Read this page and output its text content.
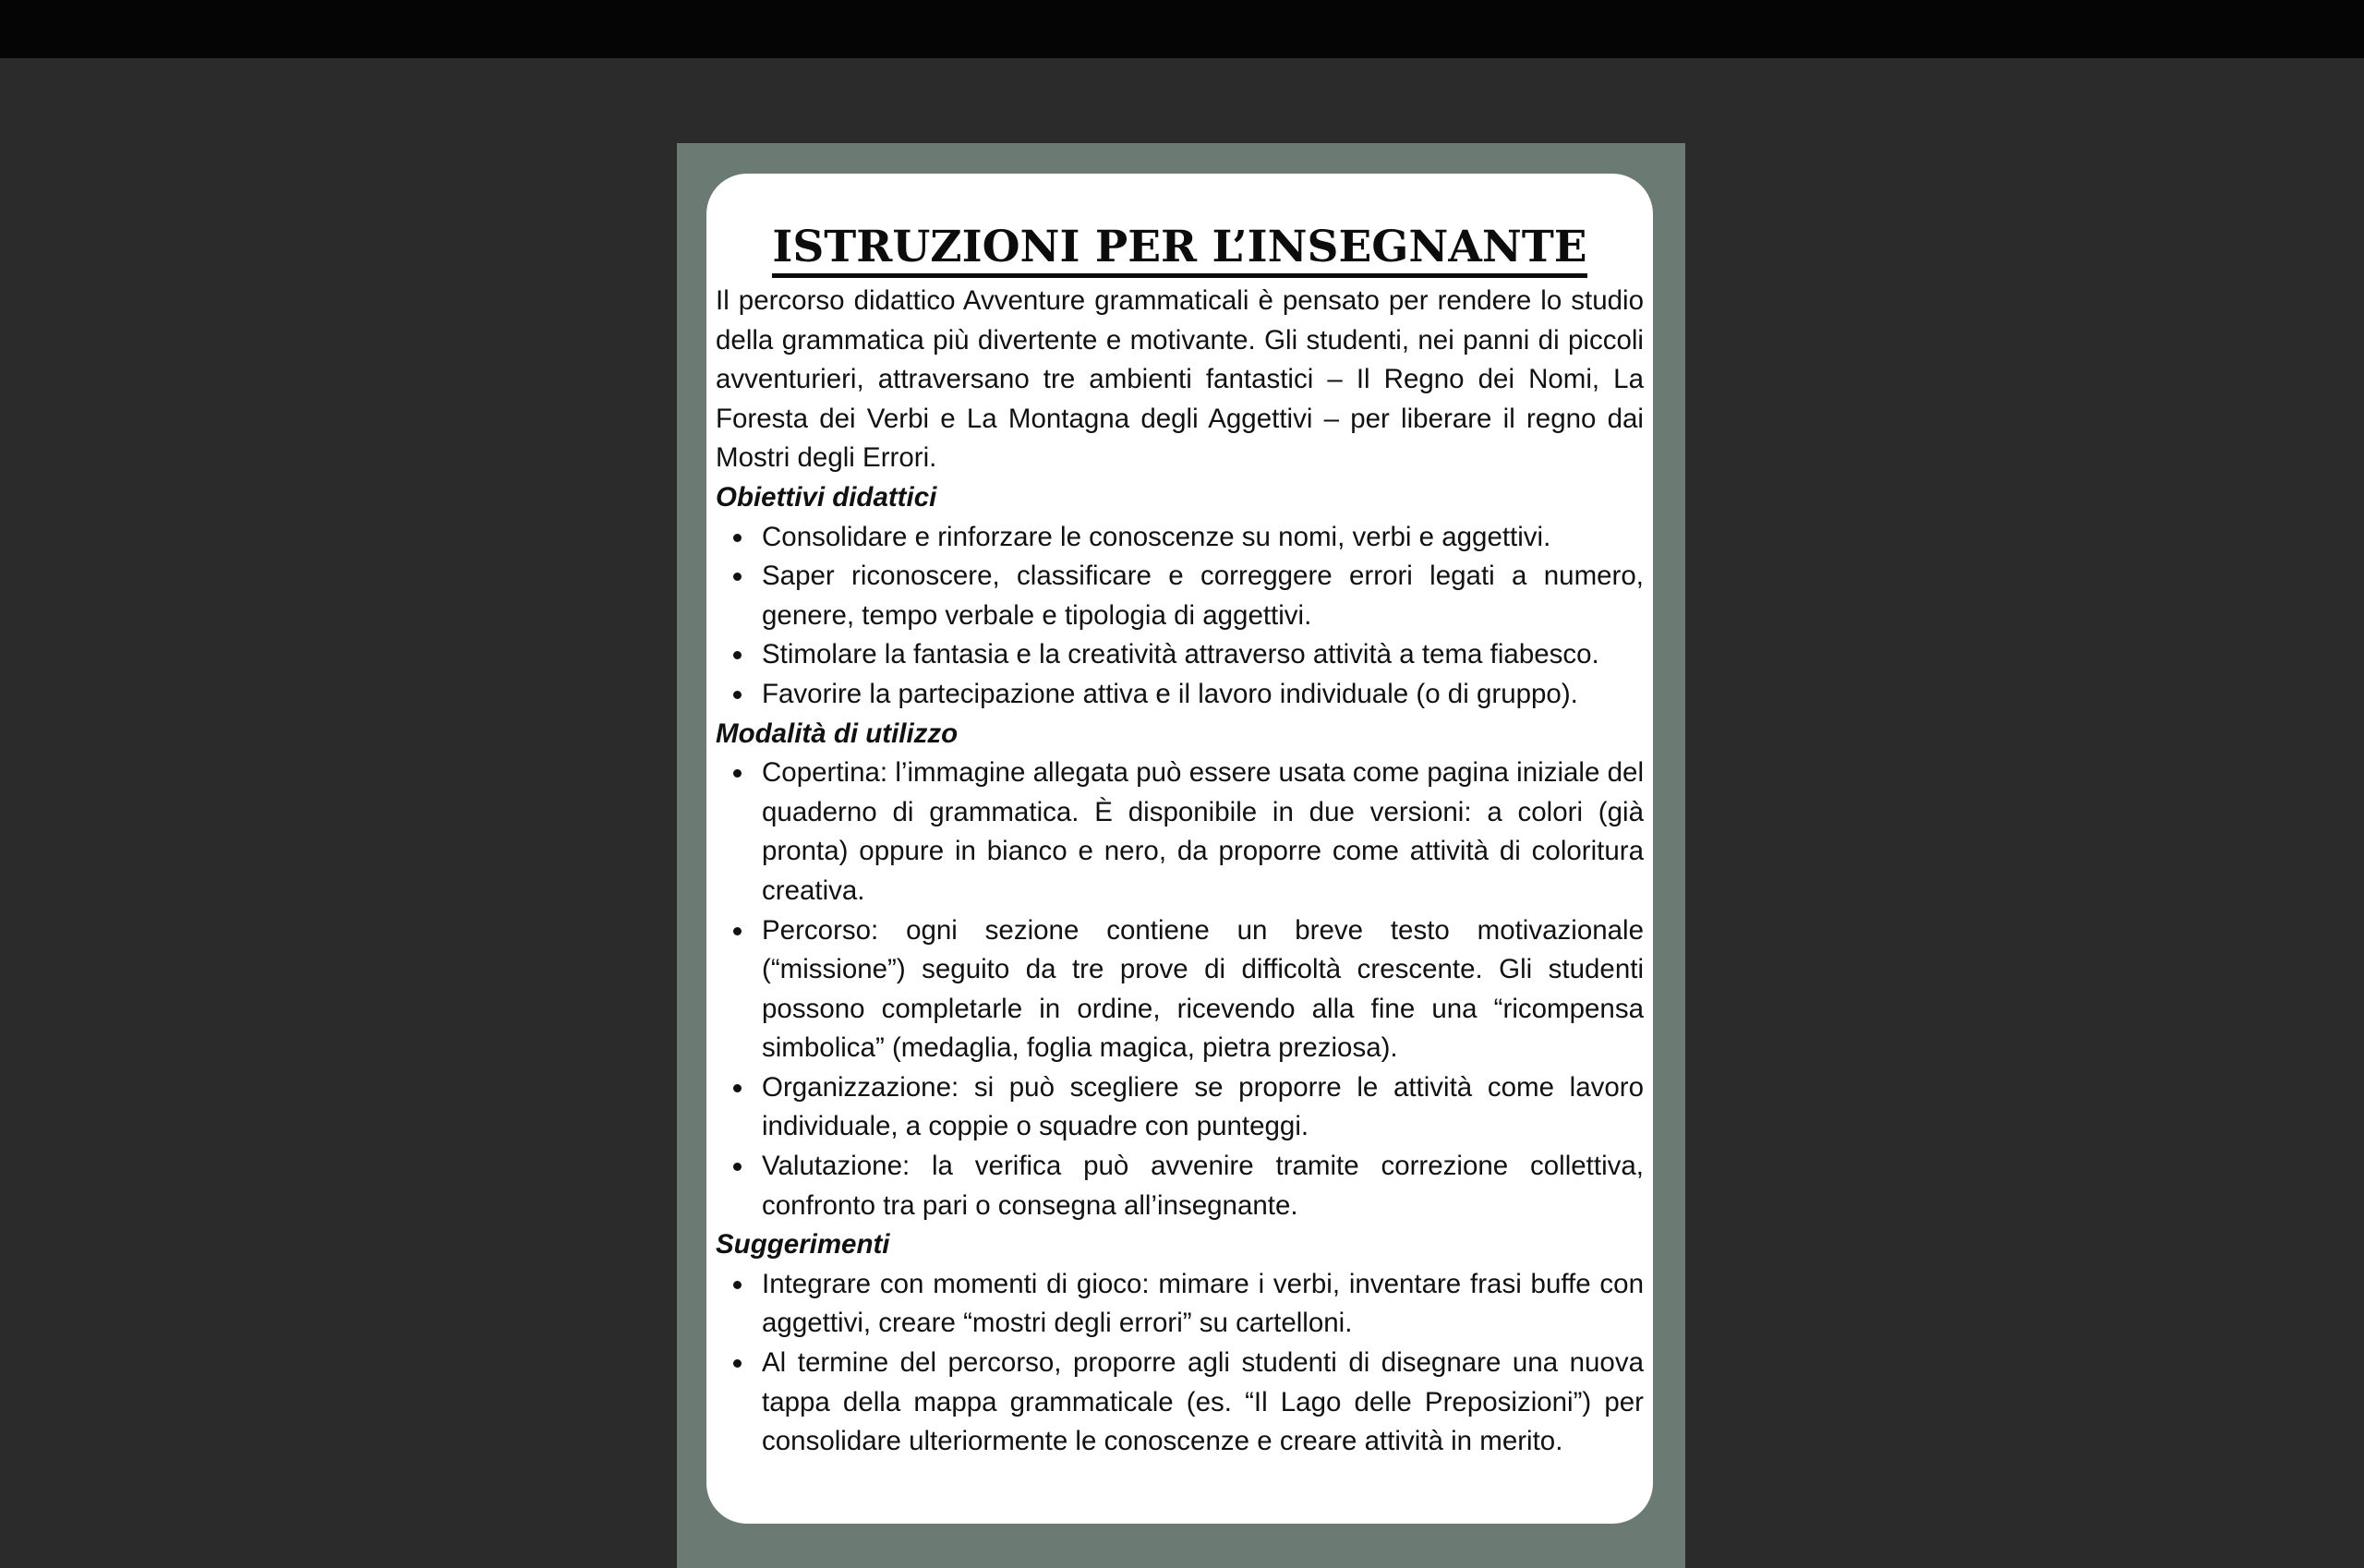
ISTRUZIONI PER L’INSEGNANTE

Il percorso didattico Avventure grammaticali è pensato per rendere lo studio della grammatica più divertente e motivante. Gli studenti, nei panni di piccoli avventurieri, attraversano tre ambienti fantastici – Il Regno dei Nomi, La Foresta dei Verbi e La Montagna degli Aggettivi – per liberare il regno dai Mostri degli Errori.

Obiettivi didattici

Consolidare e rinforzare le conoscenze su nomi, verbi e aggettivi.
Saper riconoscere, classificare e correggere errori legati a numero, genere, tempo verbale e tipologia di aggettivi.
Stimolare la fantasia e la creatività attraverso attività a tema fiabesco.
Favorire la partecipazione attiva e il lavoro individuale (o di gruppo).

Modalità di utilizzo

Copertina: l’immagine allegata può essere usata come pagina iniziale del quaderno di grammatica. È disponibile in due versioni: a colori (già pronta) oppure in bianco e nero, da proporre come attività di coloritura creativa.
Percorso: ogni sezione contiene un breve testo motivazionale (“missione”) seguito da tre prove di difficoltà crescente. Gli studenti possono completarle in ordine, ricevendo alla fine una “ricompensa simbolica” (medaglia, foglia magica, pietra preziosa).
Organizzazione: si può scegliere se proporre le attività come lavoro individuale, a coppie o squadre con punteggi.
Valutazione: la verifica può avvenire tramite correzione collettiva, confronto tra pari o consegna all’insegnante.

Suggerimenti

Integrare con momenti di gioco: mimare i verbi, inventare frasi buffe con aggettivi, creare “mostri degli errori” su cartelloni.
Al termine del percorso, proporre agli studenti di disegnare una nuova tappa della mappa grammaticale (es. “Il Lago delle Preposizioni”) per consolidare ulteriormente le conoscenze e creare attività in merito.
